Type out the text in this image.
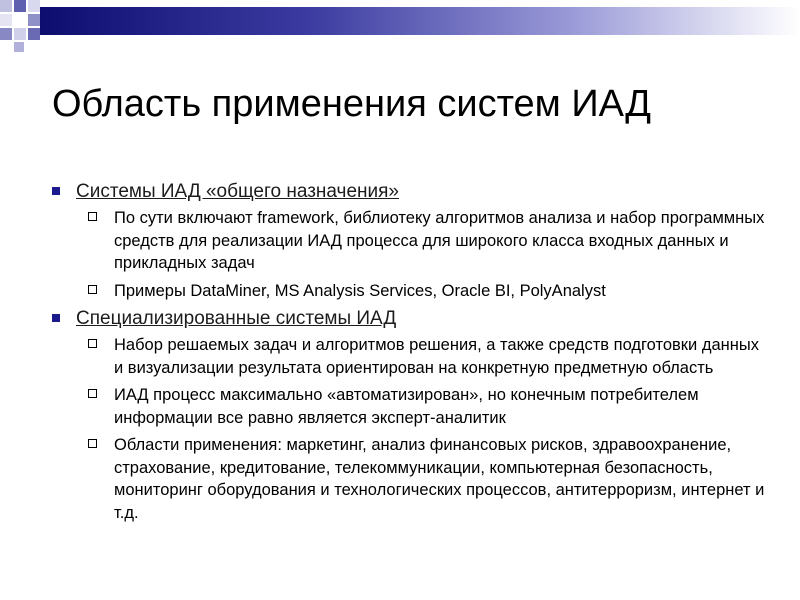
Область применения систем ИАД
Системы ИАД «общего назначения»
По сути включают framework, библиотеку алгоритмов анализа и набор программных средств для реализации ИАД процесса для широкого класса входных данных и прикладных задач
Примеры DataMiner, MS Analysis Services, Oracle BI, PolyAnalyst
Специализированные системы ИАД
Набор решаемых задач и алгоритмов решения, а также средств подготовки данных и визуализации результата ориентирован на конкретную предметную область
ИАД процесс максимально «автоматизирован», но конечным потребителем информации все равно является эксперт-аналитик
Области применения: маркетинг, анализ финансовых рисков, здравоохранение, страхование, кредитование, телекоммуникации, компьютерная безопасность, мониторинг оборудования и технологических процессов, антитерроризм, интернет и т.д.
